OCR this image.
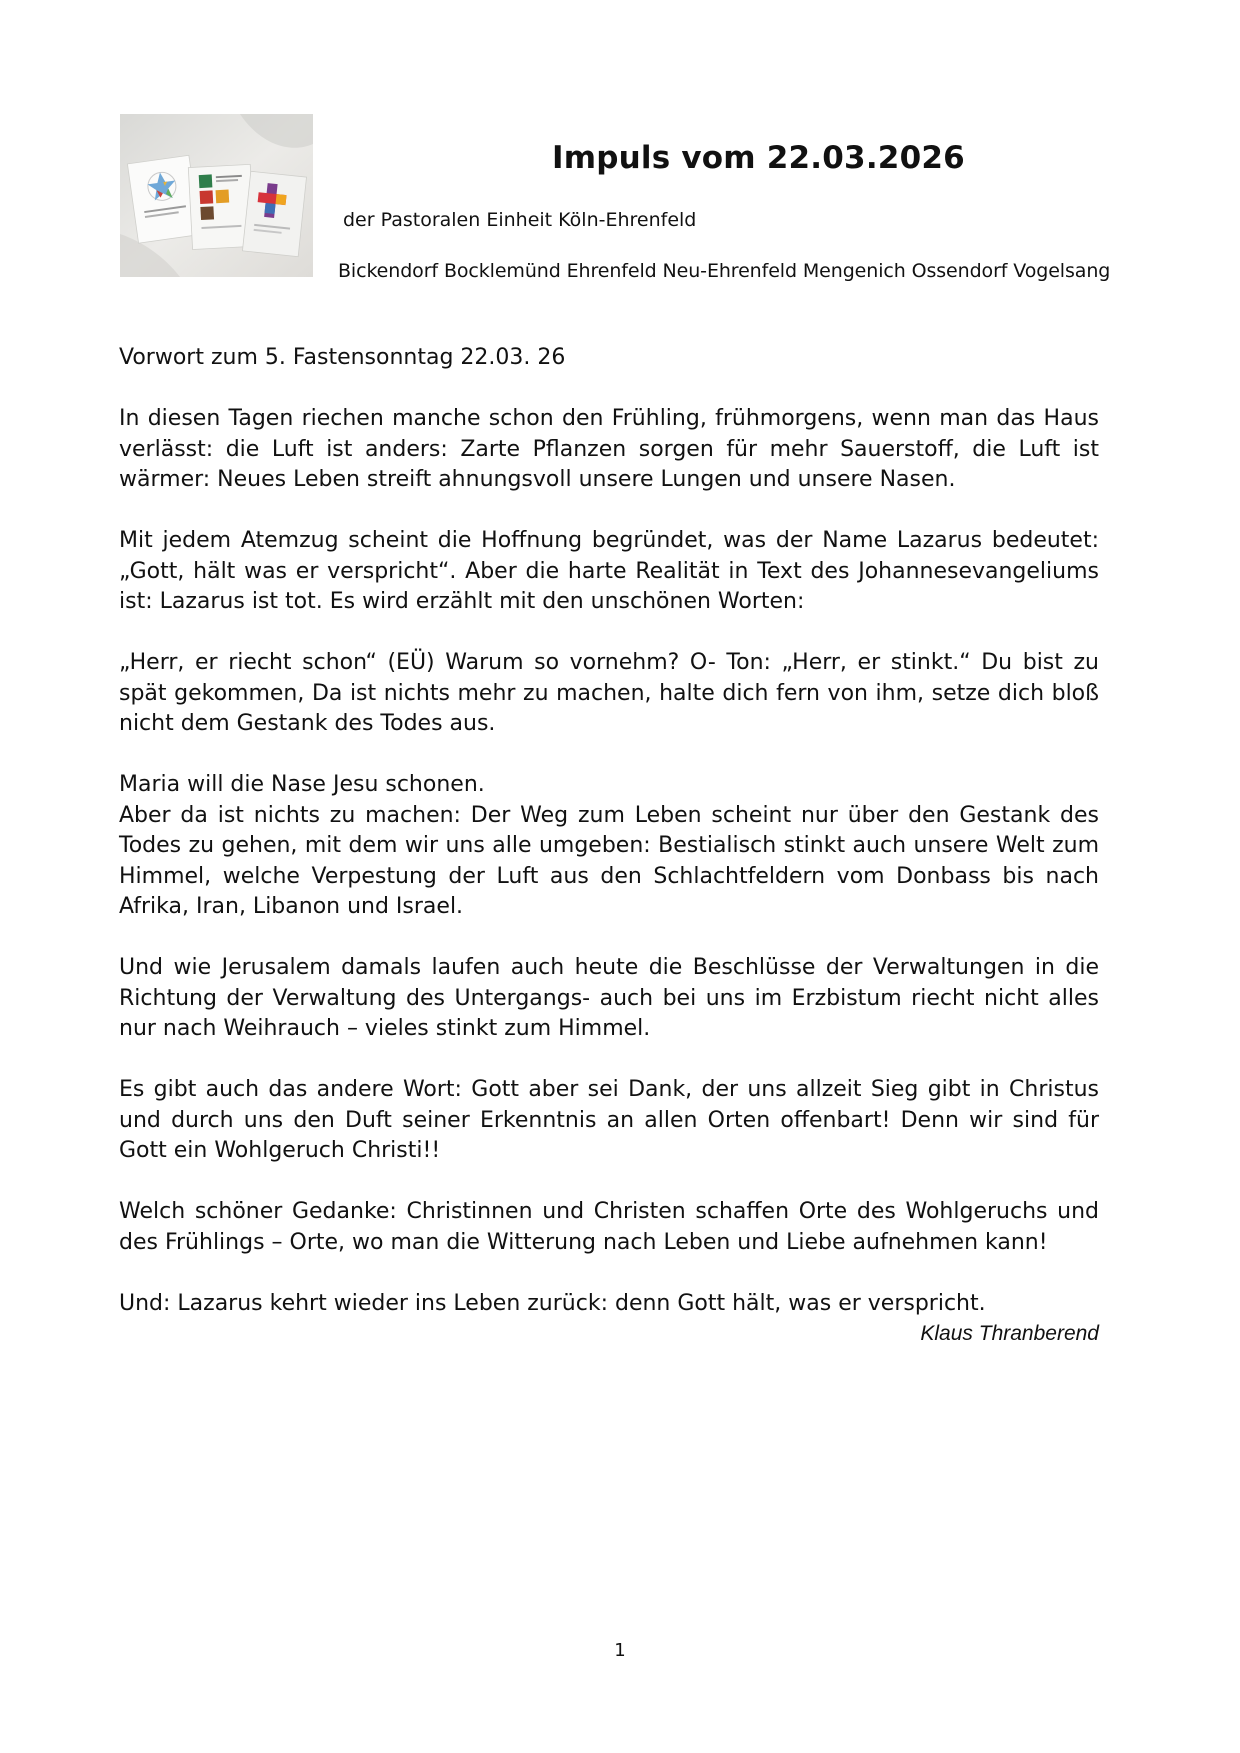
Impuls vom 22.03.2026

der Pastoralen Einheit Köln-Ehrenfeld

Bickendorf Bocklemünd Ehrenfeld Neu-Ehrenfeld Mengenich Ossendorf Vogelsang

Vorwort zum 5. Fastensonntag 22.03. 26

In diesen Tagen riechen manche schon den Frühling, frühmorgens, wenn man das Haus verlässt: die Luft ist anders: Zarte Pflanzen sorgen für mehr Sauerstoff, die Luft ist wärmer: Neues Leben streift ahnungsvoll unsere Lungen und unsere Nasen.

Mit jedem Atemzug scheint die Hoffnung begründet, was der Name Lazarus bedeutet: „Gott, hält was er verspricht“. Aber die harte Realität in Text des Johannesevangeliums ist: Lazarus ist tot. Es wird erzählt mit den unschönen Worten:

„Herr, er riecht schon“ (EÜ) Warum so vornehm? O- Ton: „Herr, er stinkt.“ Du bist zu spät gekommen, Da ist nichts mehr zu machen, halte dich fern von ihm, setze dich bloß nicht dem Gestank des Todes aus.

Maria will die Nase Jesu schonen.

Aber da ist nichts zu machen: Der Weg zum Leben scheint nur über den Gestank des Todes zu gehen, mit dem wir uns alle umgeben: Bestialisch stinkt auch unsere Welt zum Himmel, welche Verpestung der Luft aus den Schlachtfeldern vom Donbass bis nach Afrika, Iran, Libanon und Israel.

Und wie Jerusalem damals laufen auch heute die Beschlüsse der Verwaltungen in die Richtung der Verwaltung des Untergangs- auch bei uns im Erzbistum riecht nicht alles nur nach Weihrauch – vieles stinkt zum Himmel.

Es gibt auch das andere Wort: Gott aber sei Dank, der uns allzeit Sieg gibt in Christus und durch uns den Duft seiner Erkenntnis an allen Orten offenbart! Denn wir sind für Gott ein Wohlgeruch Christi!!

Welch schöner Gedanke: Christinnen und Christen schaffen Orte des Wohlgeruchs und des Frühlings – Orte, wo man die Witterung nach Leben und Liebe aufnehmen kann!

Und: Lazarus kehrt wieder ins Leben zurück: denn Gott hält, was er verspricht.

Klaus Thranberend

1
